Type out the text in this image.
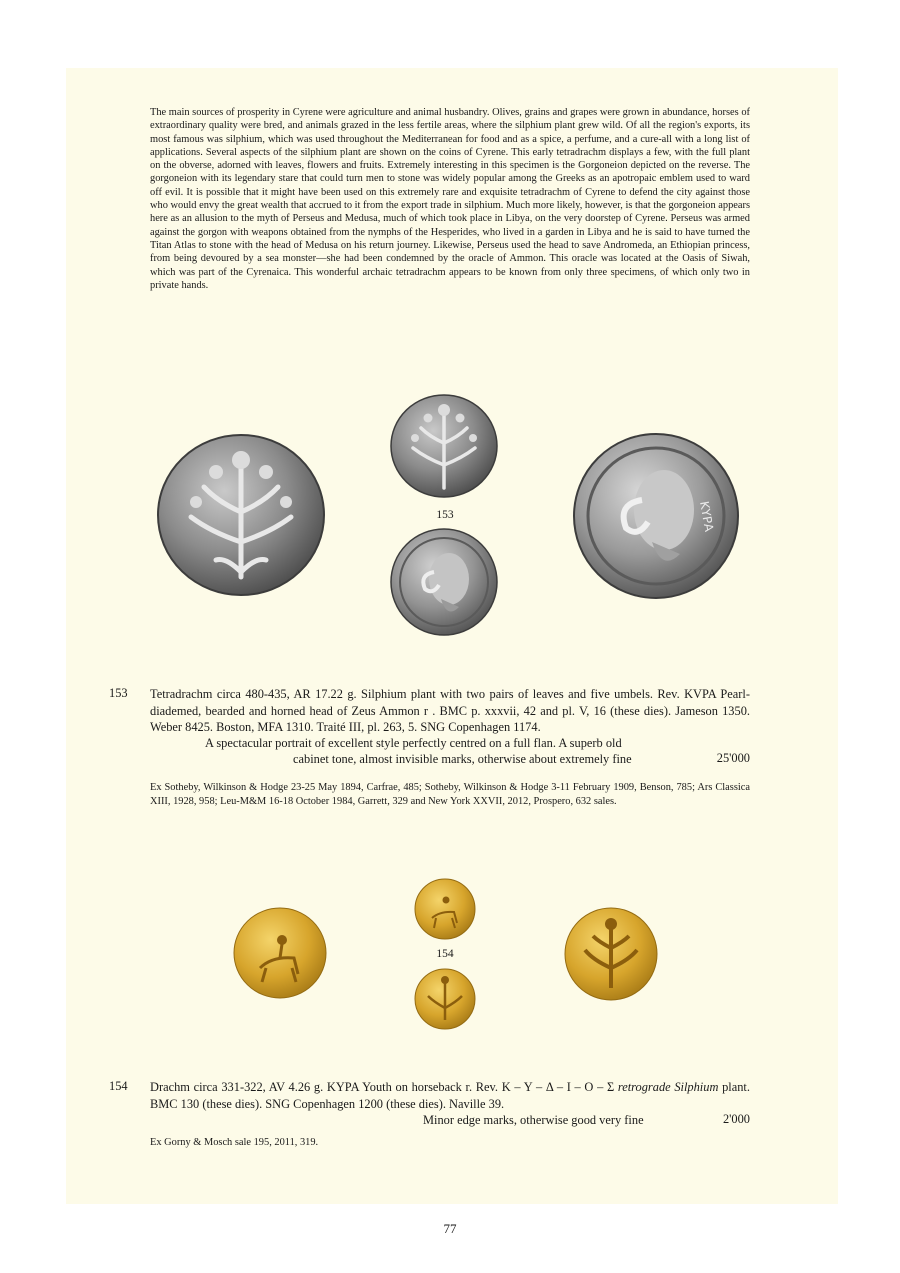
The main sources of prosperity in Cyrene were agriculture and animal husbandry. Olives, grains and grapes were grown in abundance, horses of extraordinary quality were bred, and animals grazed in the less fertile areas, where the silphium plant grew wild. Of all the region's exports, its most famous was silphium, which was used throughout the Mediterranean for food and as a spice, a perfume, and a cure-all with a long list of applications. Several aspects of the silphium plant are shown on the coins of Cyrene. This early tetradrachm displays a few, with the full plant on the obverse, adorned with leaves, flowers and fruits. Extremely interesting in this specimen is the Gorgoneion depicted on the reverse. The gorgoneion with its legendary stare that could turn men to stone was widely popular among the Greeks as an apotropaic emblem used to ward off evil. It is possible that it might have been used on this extremely rare and exquisite tetradrachm of Cyrene to defend the city against those who would envy the great wealth that accrued to it from the export trade in silphium. Much more likely, however, is that the gorgoneion appears here as an allusion to the myth of Perseus and Medusa, much of which took place in Libya, on the very doorstep of Cyrene. Perseus was armed against the gorgon with weapons obtained from the nymphs of the Hesperides, who lived in a garden in Libya and he is said to have turned the Titan Atlas to stone with the head of Medusa on his return journey. Likewise, Perseus used the head to save Andromeda, an Ethiopian princess, from being devoured by a sea monster—she had been condemned by the oracle of Ammon. This oracle was located at the Oasis of Siwah, which was part of the Cyrenaica. This wonderful archaic tetradrachm appears to be known from only three specimens, of which only two in private hands.

153	ΚΥΡΑ
153 Tetradrachm circa 480-435, AR 17.22 g. Silphium plant with two pairs of leaves and five umbels. Rev. KVPA Pearl-diademed, bearded and horned head of Zeus Ammon r . BMC p. xxxvii, 42 and pl. V, 16 (these dies). Jameson 1350. Weber 8425. Boston, MFA 1310. Traité III, pl. 263, 5. SNG Copenhagen 1174.
A spectacular portrait of excellent style perfectly centred on a full flan. A superb old
cabinet tone, almost invisible marks, otherwise about extremely fine	25'000
Ex Sotheby, Wilkinson & Hodge 23-25 May 1894, Carfrae, 485; Sotheby, Wilkinson & Hodge 3-11 February 1909, Benson, 785; Ars Classica XIII, 1928, 958; Leu-M&M 16-18 October 1984, Garrett, 329 and New York XXVII, 2012, Prospero, 632 sales.
154
154 Drachm circa 331-322, AV 4.26 g. KYPA Youth on horseback r. Rev. K – Y – Δ – I – O – Σ retrograde Silphium plant. BMC 130 (these dies). SNG Copenhagen 1200 (these dies). Naville 39.
Minor edge marks, otherwise good very fine	2'000
Ex Gorny & Mosch sale 195, 2011, 319.
77
